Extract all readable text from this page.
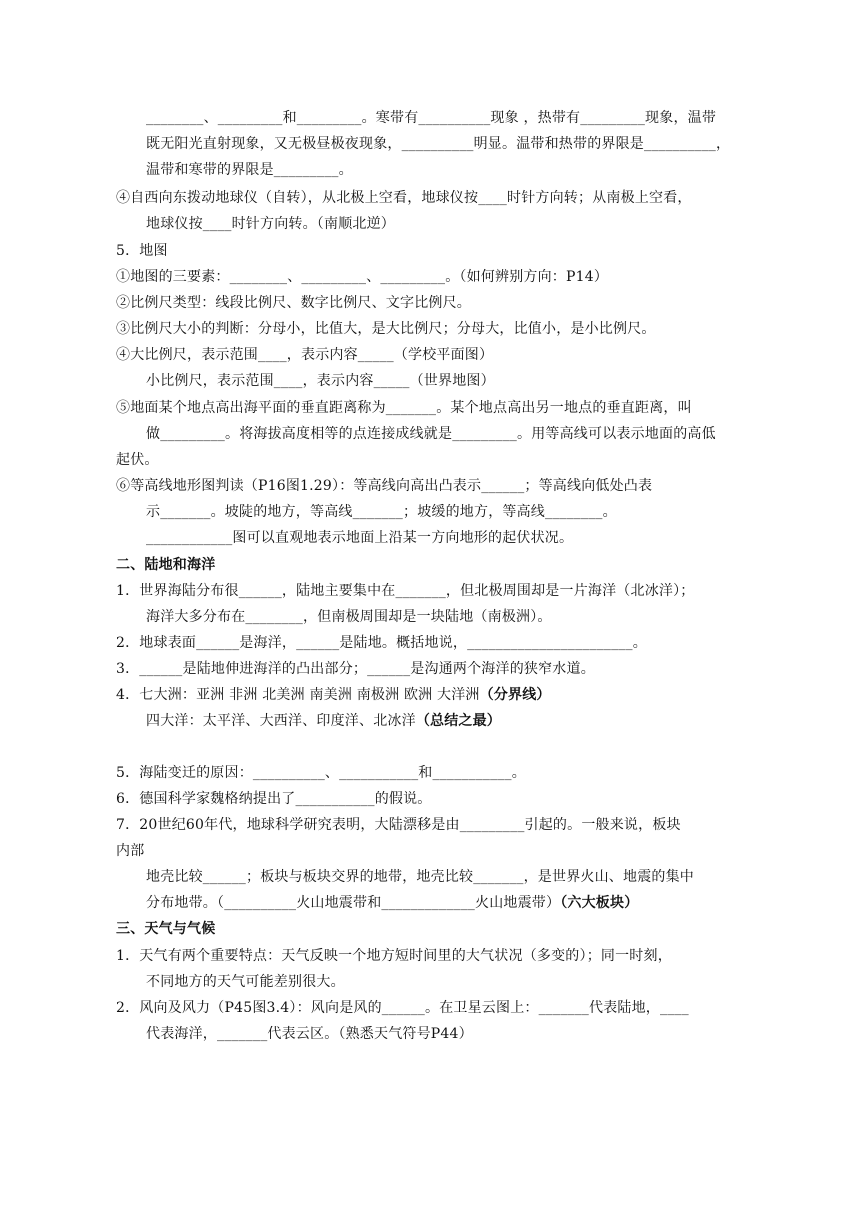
________、_________和_________。寒带有__________现象 ，热带有_________现象，温带
既无阳光直射现象，又无极昼极夜现象，__________明显。温带和热带的界限是__________，
温带和寒带的界限是_________。
④自西向东拨动地球仪（自转），从北极上空看，地球仪按____时针方向转；从南极上空看，
地球仪按____时针方向转。（南顺北逆）
5．地图
①地图的三要素：________、_________、_________。（如何辨别方向：P14）
②比例尺类型：线段比例尺、数字比例尺、文字比例尺。
③比例尺大小的判断：分母小，比值大，是大比例尺；分母大，比值小，是小比例尺。
④大比例尺，表示范围____，表示内容_____（学校平面图）
小比例尺，表示范围____，表示内容_____（世界地图）
⑤地面某个地点高出海平面的垂直距离称为_______。某个地点高出另一地点的垂直距离，叫
做_________。将海拔高度相等的点连接成线就是_________。用等高线可以表示地面的高低
起伏。
⑥等高线地形图判读（P16图1.29）：等高线向高出凸表示______；等高线向低处凸表
示_______。坡陡的地方，等高线_______；坡缓的地方，等高线________。
____________图可以直观地表示地面上沿某一方向地形的起伏状况。
二、陆地和海洋
1．世界海陆分布很______，陆地主要集中在_______，但北极周围却是一片海洋（北冰洋）；
海洋大多分布在________，但南极周围却是一块陆地（南极洲）。
2．地球表面______是海洋，______是陆地。概括地说，_______________________。
3．______是陆地伸进海洋的凸出部分；______是沟通两个海洋的狭窄水道。
4．七大洲：亚洲 非洲 北美洲 南美洲 南极洲 欧洲 大洋洲（分界线）
四大洋：太平洋、大西洋、印度洋、北冰洋（总结之最）
5．海陆变迁的原因：__________、___________和___________。
6．德国科学家魏格纳提出了___________的假说。
7．20世纪60年代，地球科学研究表明，大陆漂移是由_________引起的。一般来说，板块
内部
地壳比较______；板块与板块交界的地带，地壳比较_______，是世界火山、地震的集中
分布地带。（__________火山地震带和_____________火山地震带）（六大板块）
三、天气与气候
1．天气有两个重要特点：天气反映一个地方短时间里的大气状况（多变的）；同一时刻，
不同地方的天气可能差别很大。
2．风向及风力（P45图3.4）：风向是风的______。在卫星云图上：_______代表陆地，____
代表海洋，_______代表云区。（熟悉天气符号P44）
